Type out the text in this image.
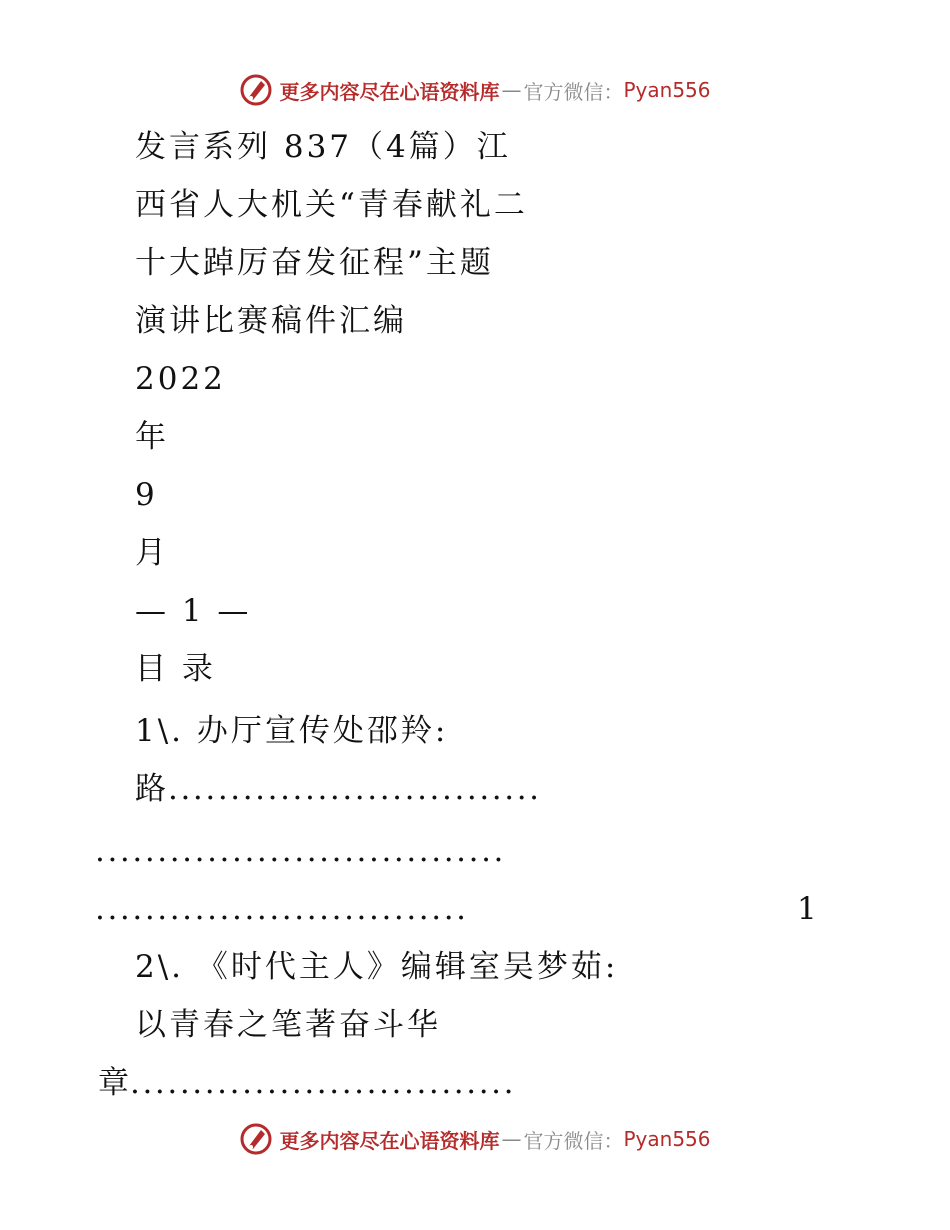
更多内容尽在心语资料库 — 官方微信： Pyan556
发言系列 837（4篇）江
西省人大机关“青春献礼二
十大踔厉奋发征程”主题
演讲比赛稿件汇编
2022
年
9
月
— 1 —
目 录
1\. 办厅宣传处邵羚:
路 ..............................
.................................
..............................	1
2\. 《时代主人》编辑室吴梦茹:
以青春之笔著奋斗华
章
...............................
更多内容尽在心语资料库 — 官方微信： Pyan556
